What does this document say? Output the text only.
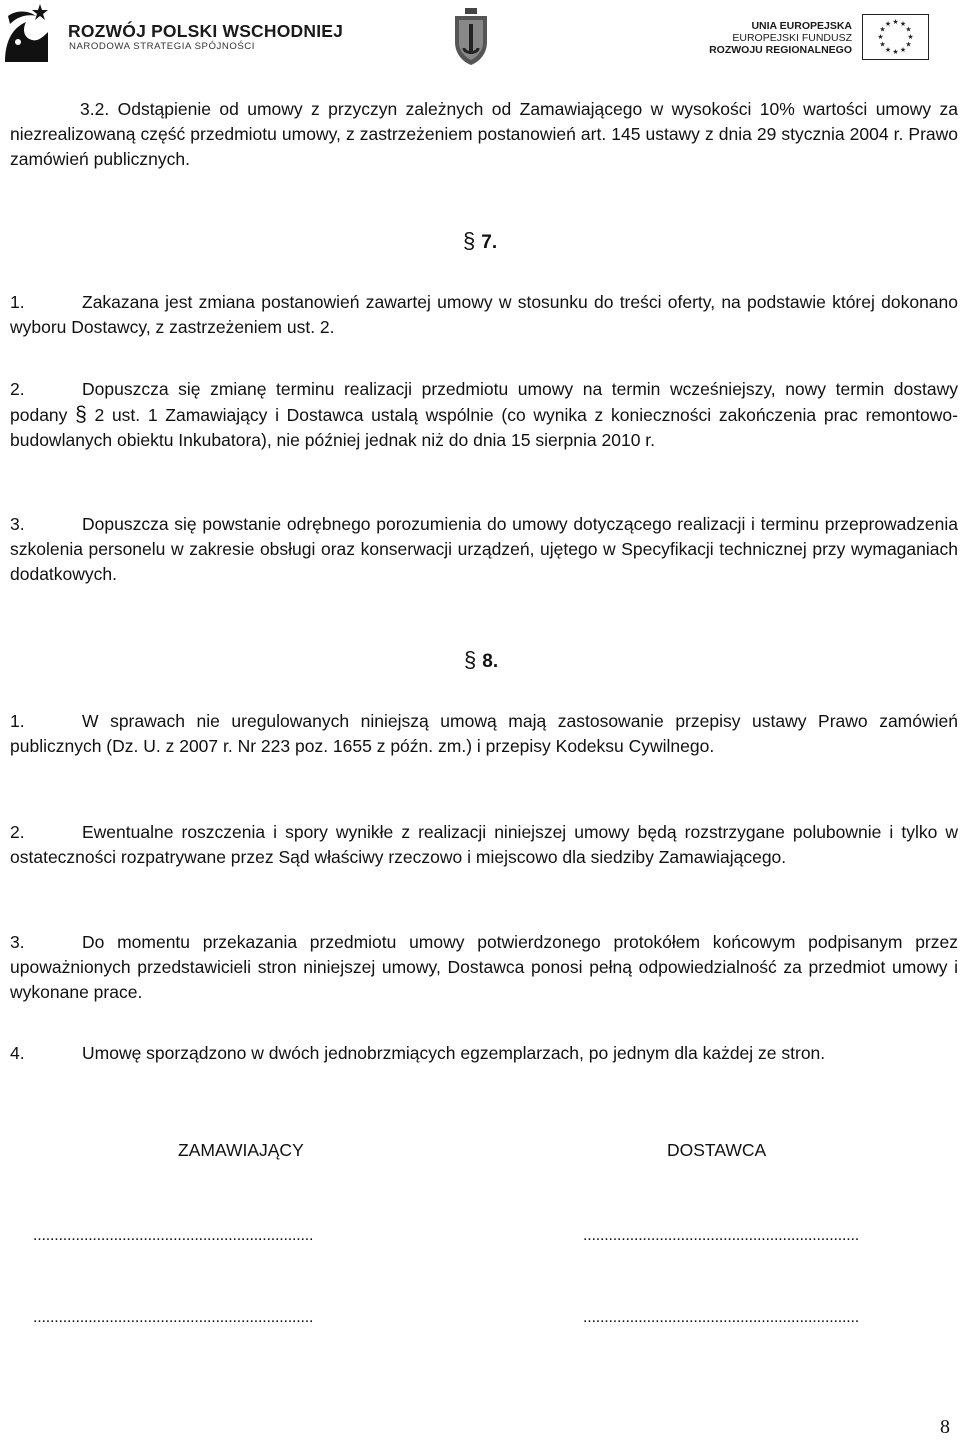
ROZWÓJ POLSKI WSCHODNIEJ
NARODOWA STRATEGIA SPÓJNOŚCI
UNIA EUROPEJSKA
EUROPEJSKI FUNDUSZ
ROZWOJU REGIONALNEGO
★ ★
★
★
★
★
★
★
★
★
★
★

3.2. Odstąpienie od umowy z przyczyn zależnych od Zamawiającego w wysokości 10% wartości umowy za niezrealizowaną część przedmiotu umowy, z zastrzeżeniem postanowień art. 145 ustawy z dnia 29 stycznia 2004 r. Prawo zamówień publicznych.

§ 7.

1.	Zakazana jest zmiana postanowień zawartej umowy w stosunku do treści oferty, na podstawie której dokonano wyboru Dostawcy, z zastrzeżeniem ust. 2.

2.	Dopuszcza się zmianę terminu realizacji przedmiotu umowy na termin wcześniejszy, nowy termin dostawy podany § 2 ust. 1 Zamawiający i Dostawca ustalą wspólnie (co wynika z konieczności zakończenia prac remontowo-budowlanych obiektu Inkubatora), nie później jednak niż do dnia 15 sierpnia 2010 r.

3.	Dopuszcza się powstanie odrębnego porozumienia do umowy dotyczącego realizacji i terminu przeprowadzenia szkolenia personelu w zakresie obsługi oraz konserwacji urządzeń, ujętego w Specyfikacji technicznej przy wymaganiach dodatkowych.

§ 8.

1.	W sprawach nie uregulowanych niniejszą umową mają zastosowanie przepisy ustawy Prawo zamówień publicznych (Dz. U. z 2007 r. Nr 223 poz. 1655 z późn. zm.) i przepisy Kodeksu Cywilnego.

2.	Ewentualne roszczenia i spory wynikłe z realizacji niniejszej umowy będą rozstrzygane polubownie i tylko w ostateczności rozpatrywane przez Sąd właściwy rzeczowo i miejscowo dla siedziby Zamawiającego.

3.	Do momentu przekazania przedmiotu umowy potwierdzonego protokółem końcowym podpisanym przez upoważnionych przedstawicieli stron niniejszej umowy, Dostawca ponosi pełną odpowiedzialność za przedmiot umowy i wykonane prace.

4.	Umowę sporządzono w dwóch jednobrzmiących egzemplarzach, po jednym dla każdej ze stron.

ZAMAWIAJĄCY	DOSTAWCA
..................................................................	.................................................................
..................................................................	.................................................................
8
